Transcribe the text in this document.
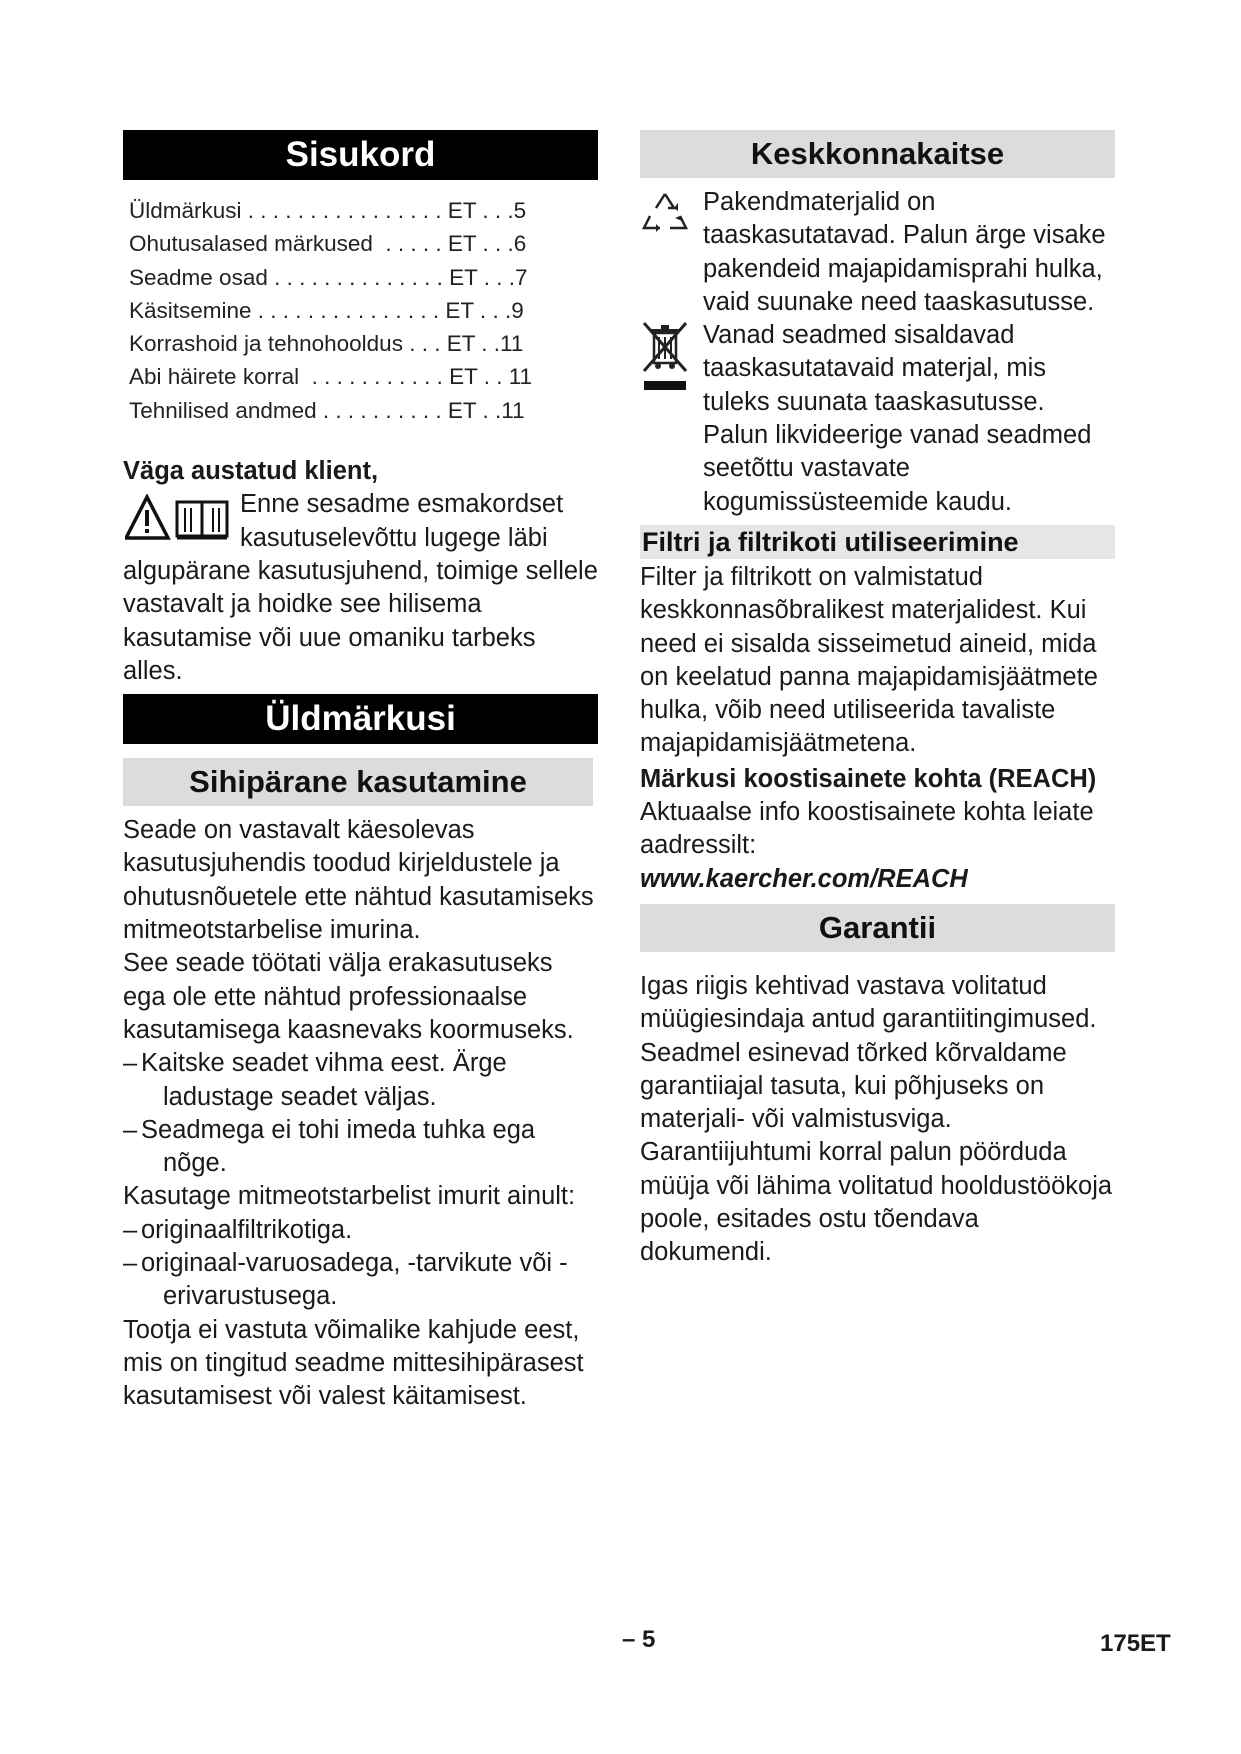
Sisukord
Üldmärkusi . . . . . . . . . . . . . . . . ET . . .5
Ohutusalased märkused  . . . . . ET . . .6
Seadme osad . . . . . . . . . . . . . . ET . . .7
Käsitsemine . . . . . . . . . . . . . . . ET . . .9
Korrashoid ja tehnohooldus . . . ET . .11
Abi häirete korral  . . . . . . . . . . . ET . . 11
Tehnilised andmed . . . . . . . . . . ET . .11

Väga austatud klient,

Enne sesadme esmakordset

kasutuselevõttu lugege läbi

algupärane kasutusjuhend, toimige sellele vastavalt ja hoidke see hilisema kasutamise või uue omaniku tarbeks alles.

Üldmärkusi
Sihipärane kasutamine

Seade on vastavalt käesolevas kasutusjuhendis toodud kirjeldustele ja ohutusnõuetele ette nähtud kasutamiseks mitmeotstarbelise imurina.

See seade töötati välja erakasutuseks ega ole ette nähtud professionaalse kasutamisega kaasnevaks koormuseks.

– Kaitske seadet vihma eest. Ärge ladustage seadet väljas.

– Seadmega ei tohi imeda tuhka ega nõge.

Kasutage mitmeotstarbelist imurit ainult:

– originaalfiltrikotiga.

– originaal-varuosadega, -tarvikute või -erivarustusega.

Tootja ei vastuta võimalike kahjude eest, mis on tingitud seadme mittesihipärasest kasutamisest või valest käitamisest.

Keskkonnakaitse

Pakendmaterjalid on taaskasutatavad. Palun ärge visake pakendeid majapidamisprahi hulka, vaid suunake need taaskasutusse.

Vanad seadmed sisaldavad taaskasutatavaid materjal, mis tuleks suunata taaskasutusse. Palun likvideerige vanad seadmed seetõttu vastavate kogumissüsteemide kaudu.

Filtri ja filtrikoti utiliseerimine

Filter ja filtrikott on valmistatud keskkonnasõbralikest materjalidest. Kui need ei sisalda sisseimetud aineid, mida on keelatud panna majapidamisjäätmete hulka, võib need utiliseerida tavaliste majapidamisjäätmetena.

Märkusi koostisainete kohta (REACH)

Aktuaalse info koostisainete kohta leiate aadressilt:

www.kaercher.com/REACH

Garantii

Igas riigis kehtivad vastava volitatud müügiesindaja antud garantiitingimused. Seadmel esinevad tõrked kõrvaldame garantiiajal tasuta, kui põhjuseks on materjali- või valmistusviga. Garantiijuhtumi korral palun pöörduda müüja või lähima volitatud hooldustöökoja poole, esitades ostu tõendava dokumendi.

– 5	175ET
